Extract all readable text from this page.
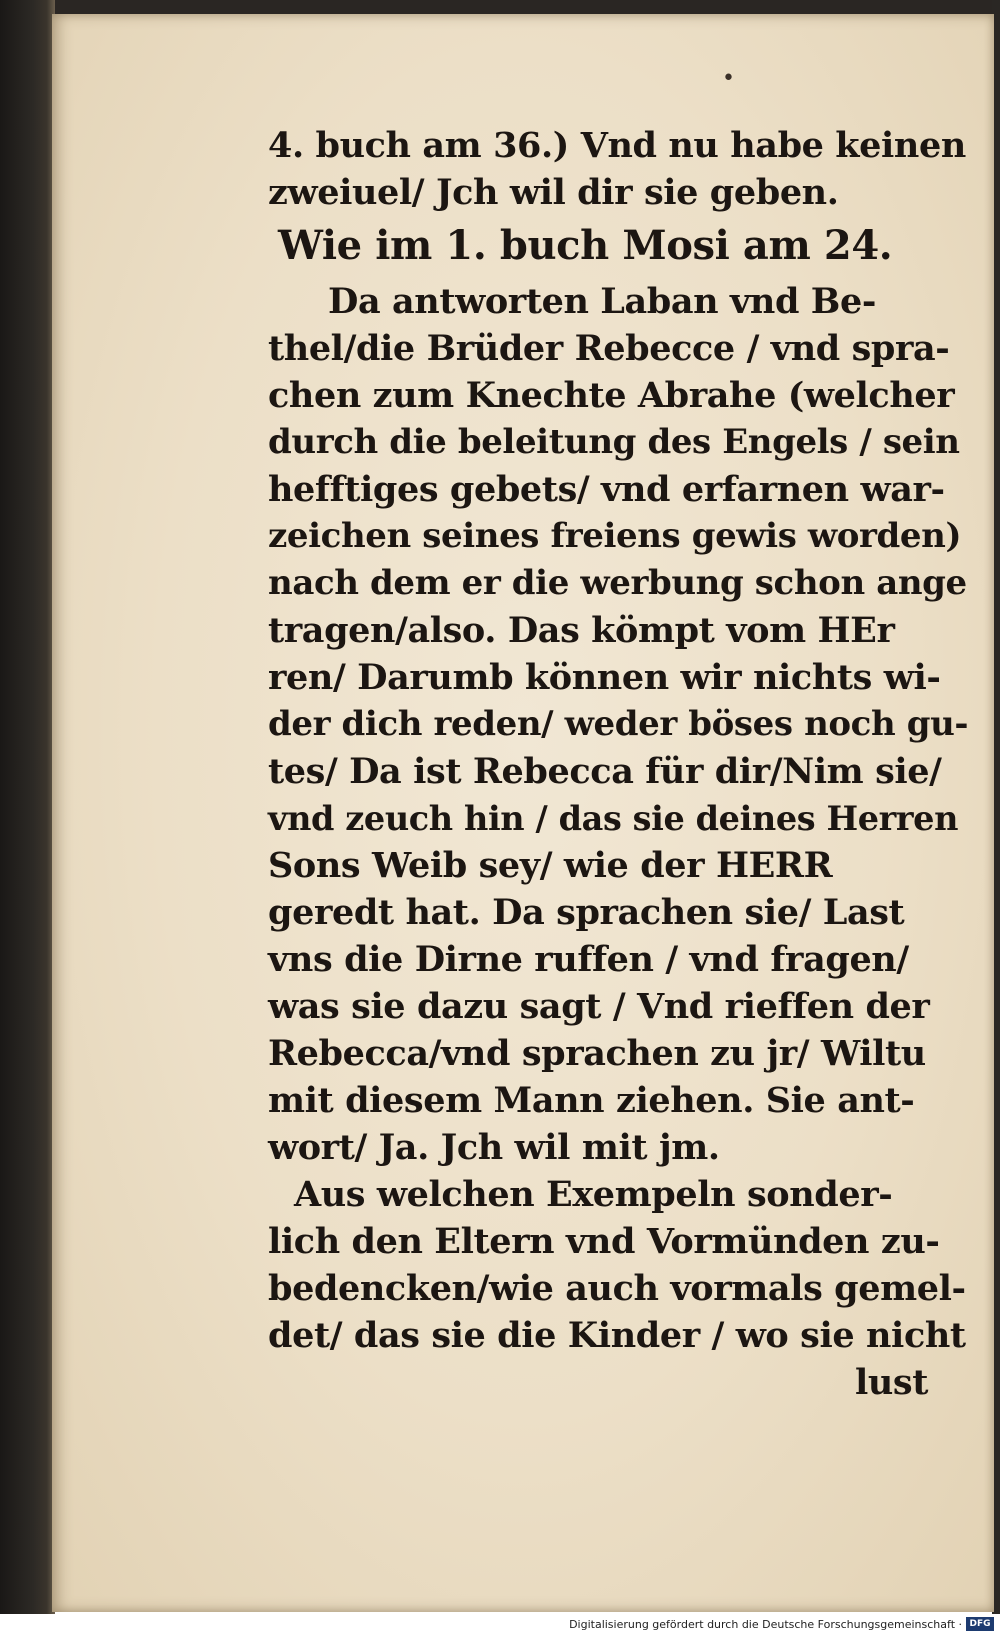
•
4. buch am 36.) Vnd nu habe keinen
zweiuel/ Jch wil dir sie geben.
Wie im 1. buch Mosi am 24.
Da antworten Laban vnd Be-
thel/die Brüder Rebecce / vnd spra-
chen zum Knechte Abrahe (welcher
durch die beleitung des Engels / sein
hefftiges gebets/ vnd erfarnen war-
zeichen seines freiens gewis worden)
nach dem er die werbung schon ange
tragen/also. Das kömpt vom HEr
ren/ Darumb können wir nichts wi-
der dich reden/ weder böses noch gu-
tes/ Da ist Rebecca für dir/Nim sie/
vnd zeuch hin / das sie deines Herren
Sons Weib sey/ wie der HERR
geredt hat. Da sprachen sie/ Last
vns die Dirne ruffen / vnd fragen/
was sie dazu sagt / Vnd rieffen der
Rebecca/vnd sprachen zu jr/ Wiltu
mit diesem Mann ziehen. Sie ant-
wort/ Ja. Jch wil mit jm.
Aus welchen Exempeln sonder-
lich den Eltern vnd Vormünden zu-
bedencken/wie auch vormals gemel-
det/ das sie die Kinder / wo sie nicht
lust
Digitalisierung gefördert durch die Deutsche Forschungsgemeinschaft · DFG
